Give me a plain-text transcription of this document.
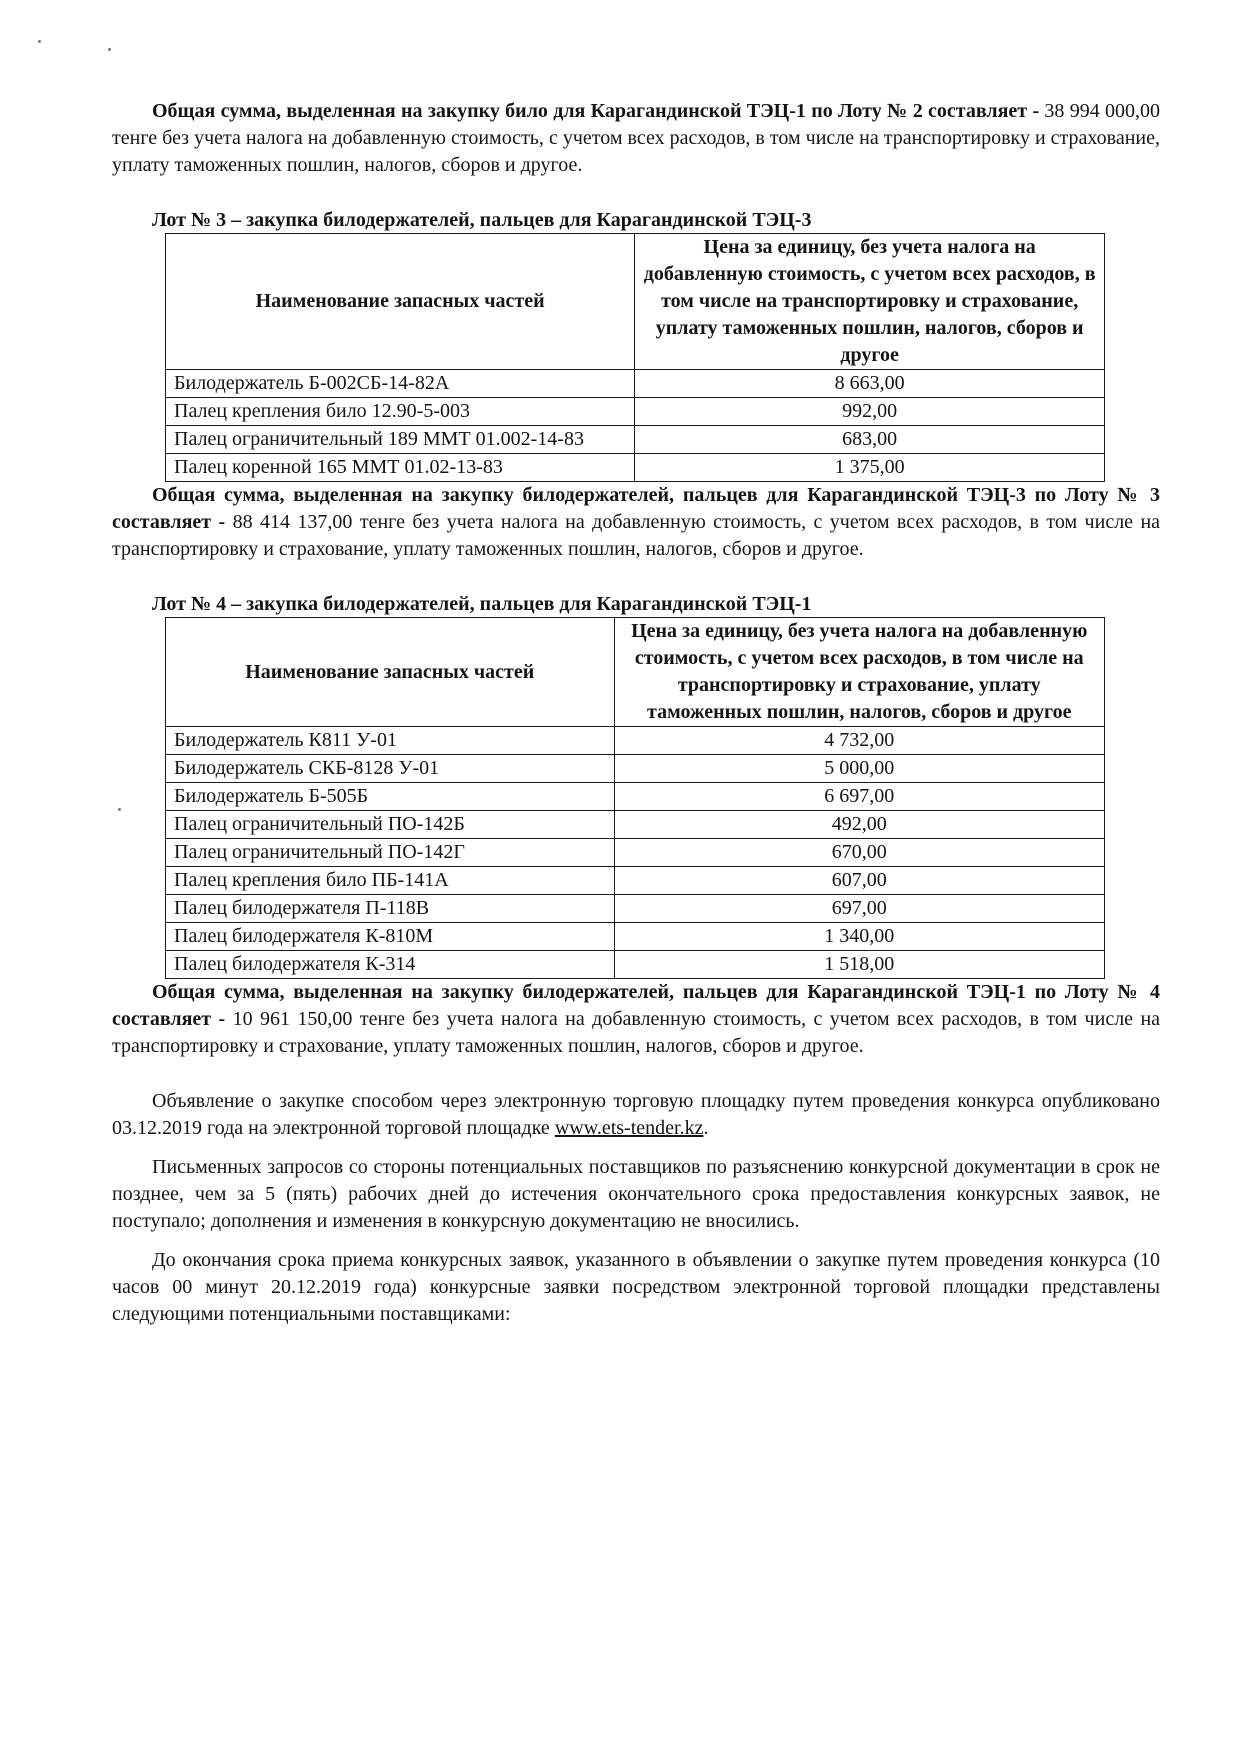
Общая сумма, выделенная на закупку било для Карагандинской ТЭЦ-1 по Лоту № 2 составляет - 38 994 000,00 тенге без учета налога на добавленную стоимость, с учетом всех расходов, в том числе на транспортировку и страхование, уплату таможенных пошлин, налогов, сборов и другое.

Лот № 3 – закупка билодержателей, пальцев для Карагандинской ТЭЦ-3

Наименование запасных частей	Цена за единицу, без учета налога на добавленную стоимость, с учетом всех расходов, в том числе на транспортировку и страхование, уплату таможенных пошлин, налогов, сборов и другое
Билодержатель Б-002СБ-14-82А	8 663,00
Палец крепления било 12.90-5-003	992,00
Палец ограничительный 189 ММТ 01.002-14-83	683,00
Палец коренной 165 ММТ 01.02-13-83	1 375,00

Общая сумма, выделенная на закупку билодержателей, пальцев для Карагандинской ТЭЦ-3 по Лоту № 3 составляет - 88 414 137,00 тенге без учета налога на добавленную стоимость, с учетом всех расходов, в том числе на транспортировку и страхование, уплату таможенных пошлин, налогов, сборов и другое.

Лот № 4 – закупка билодержателей, пальцев для Карагандинской ТЭЦ-1

Наименование запасных частей	Цена за единицу, без учета налога на добавленную стоимость, с учетом всех расходов, в том числе на транспортировку и страхование, уплату таможенных пошлин, налогов, сборов и другое
Билодержатель К811 У-01	4 732,00
Билодержатель СКБ-8128 У-01	5 000,00
Билодержатель Б-505Б	6 697,00
Палец ограничительный ПО-142Б	492,00
Палец ограничительный ПО-142Г	670,00
Палец крепления било ПБ-141А	607,00
Палец билодержателя П-118В	697,00
Палец билодержателя К-810М	1 340,00
Палец билодержателя К-314	1 518,00

Общая сумма, выделенная на закупку билодержателей, пальцев для Карагандинской ТЭЦ-1 по Лоту № 4 составляет - 10 961 150,00 тенге без учета налога на добавленную стоимость, с учетом всех расходов, в том числе на транспортировку и страхование, уплату таможенных пошлин, налогов, сборов и другое.

Объявление о закупке способом через электронную торговую площадку путем проведения конкурса опубликовано 03.12.2019 года на электронной торговой площадке www.ets-tender.kz.

Письменных запросов со стороны потенциальных поставщиков по разъяснению конкурсной документации в срок не позднее, чем за 5 (пять) рабочих дней до истечения окончательного срока предоставления конкурсных заявок, не поступало; дополнения и изменения в конкурсную документацию не вносились.

До окончания срока приема конкурсных заявок, указанного в объявлении о закупке путем проведения конкурса (10 часов 00 минут 20.12.2019 года) конкурсные заявки посредством электронной торговой площадки представлены следующими потенциальными поставщиками:
